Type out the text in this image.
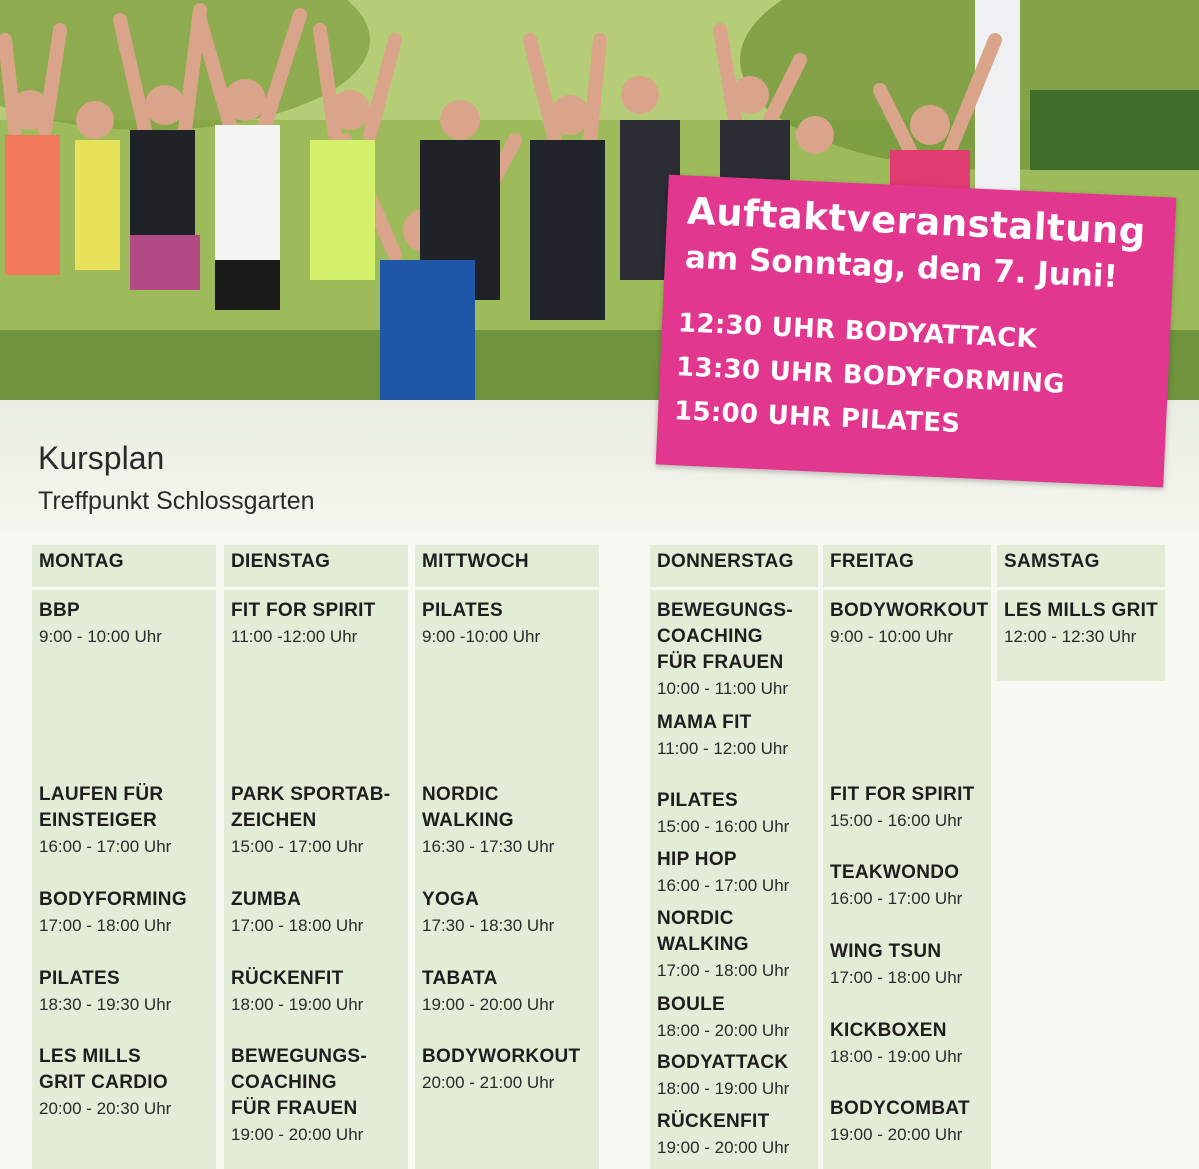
Auftaktveranstaltung
am Sonntag, den 7. Juni!
12:30 UHR BODYATTACK
13:30 UHR BODYFORMING
15:00 UHR PILATES
Kursplan
Treffpunkt Schlossgarten
MONTAG
BBP
9:00 - 10:00 Uhr
LAUFEN FÜR
EINSTEIGER
16:00 - 17:00 Uhr
BODYFORMING
17:00 - 18:00 Uhr
PILATES
18:30 - 19:30 Uhr
LES MILLS
GRIT CARDIO
20:00 - 20:30 Uhr
DIENSTAG
FIT FOR SPIRIT
11:00 -12:00 Uhr
PARK SPORTAB-
ZEICHEN
15:00 - 17:00 Uhr
ZUMBA
17:00 - 18:00 Uhr
RÜCKENFIT
18:00 - 19:00 Uhr
BEWEGUNGS-
COACHING
FÜR FRAUEN
19:00 - 20:00 Uhr
MITTWOCH
PILATES
9:00 -10:00 Uhr
NORDIC
WALKING
16:30 - 17:30 Uhr
YOGA
17:30 - 18:30 Uhr
TABATA
19:00 - 20:00 Uhr
BODYWORKOUT
20:00 - 21:00 Uhr
DONNERSTAG
BEWEGUNGS-
COACHING
FÜR FRAUEN
10:00 - 11:00 Uhr
MAMA FIT
11:00 - 12:00 Uhr
PILATES
15:00 - 16:00 Uhr
HIP HOP
16:00 - 17:00 Uhr
NORDIC
WALKING
17:00 - 18:00 Uhr
BOULE
18:00 - 20:00 Uhr
BODYATTACK
18:00 - 19:00 Uhr
RÜCKENFIT
19:00 - 20:00 Uhr
FREITAG
BODYWORKOUT
9:00 - 10:00 Uhr
FIT FOR SPIRIT
15:00 - 16:00 Uhr
TEAKWONDO
16:00 - 17:00 Uhr
WING TSUN
17:00 - 18:00 Uhr
KICKBOXEN
18:00 - 19:00 Uhr
BODYCOMBAT
19:00 - 20:00 Uhr
SAMSTAG
LES MILLS GRIT
12:00 - 12:30 Uhr
